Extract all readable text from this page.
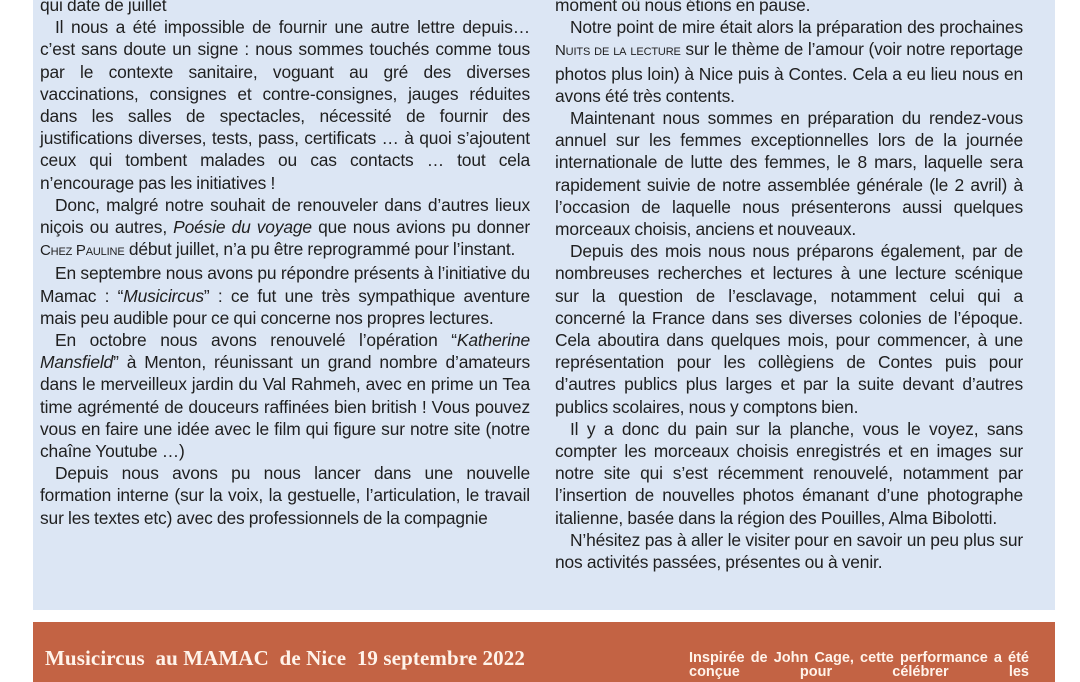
qui date de juillet

Il nous a été impossible de fournir une autre lettre depuis… c’est sans doute un signe : nous sommes touchés comme tous par le contexte sanitaire, voguant au gré des diverses vaccinations, consignes et contre-consignes, jauges réduites dans les salles de spectacles, nécessité de fournir des justifications diverses, tests, pass, certificats … à quoi s’ajoutent ceux qui tombent malades ou cas contacts … tout cela n’encourage pas les initiatives !

Donc, malgré notre souhait de renouveler dans d’autres lieux niçois ou autres, Poésie du voyage que nous avions pu donner Chez Pauline début juillet, n’a pu être reprogrammé pour l’instant.

En septembre nous avons pu répondre présents à l’initiative du Mamac : “Musicircus” : ce fut une très sympathique aventure mais peu audible pour ce qui concerne nos propres lectures.

En octobre nous avons renouvelé l’opération “Katherine Mansfield” à Menton, réunissant un grand nombre d’amateurs dans le merveilleux jardin du Val Rahmeh, avec en prime un Tea time agrémenté de douceurs raffinées bien british ! Vous pouvez vous en faire une idée avec le film qui figure sur notre site (notre chaîne Youtube …)

Depuis nous avons pu nous lancer dans une nouvelle formation interne (sur la voix, la gestuelle, l’articulation, le travail sur les textes etc) avec des professionnels de la compagnie

moment où nous étions en pause.

Notre point de mire était alors la préparation des prochaines Nuits de la lecture sur le thème de l’amour (voir notre reportage photos plus loin) à Nice puis à Contes. Cela a eu lieu nous en avons été très contents.

Maintenant nous sommes en préparation du rendez-vous annuel sur les femmes exceptionnelles lors de la journée internationale de lutte des femmes, le 8 mars, laquelle sera rapidement suivie de notre assemblée générale (le 2 avril) à l’occasion de laquelle nous présenterons aussi quelques morceaux choisis, anciens et nouveaux.

Depuis des mois nous nous préparons également, par de nombreuses recherches et lectures à une lecture scénique sur la question de l’esclavage, notamment celui qui a concerné la France dans ses diverses colonies de l’époque. Cela aboutira dans quelques mois, pour commencer, à une représentation pour les collègiens de Contes puis pour d’autres publics plus larges et par la suite devant d’autres publics scolaires, nous y comptons bien.

Il y a donc du pain sur la planche, vous le voyez, sans compter les morceaux choisis enregistrés et en images sur notre site qui s’est récemment renouvelé, notamment par l’insertion de nouvelles photos émanant d’une photographe italienne, basée dans la région des Pouilles, Alma Bibolotti.

N’hésitez pas à aller le visiter pour en savoir un peu plus sur nos activités passées, présentes ou à venir.

Musicircus  au MAMAC  de Nice  19 septembre 2022	Inspirée de John Cage, cette performance a été conçue pour célébrer les
